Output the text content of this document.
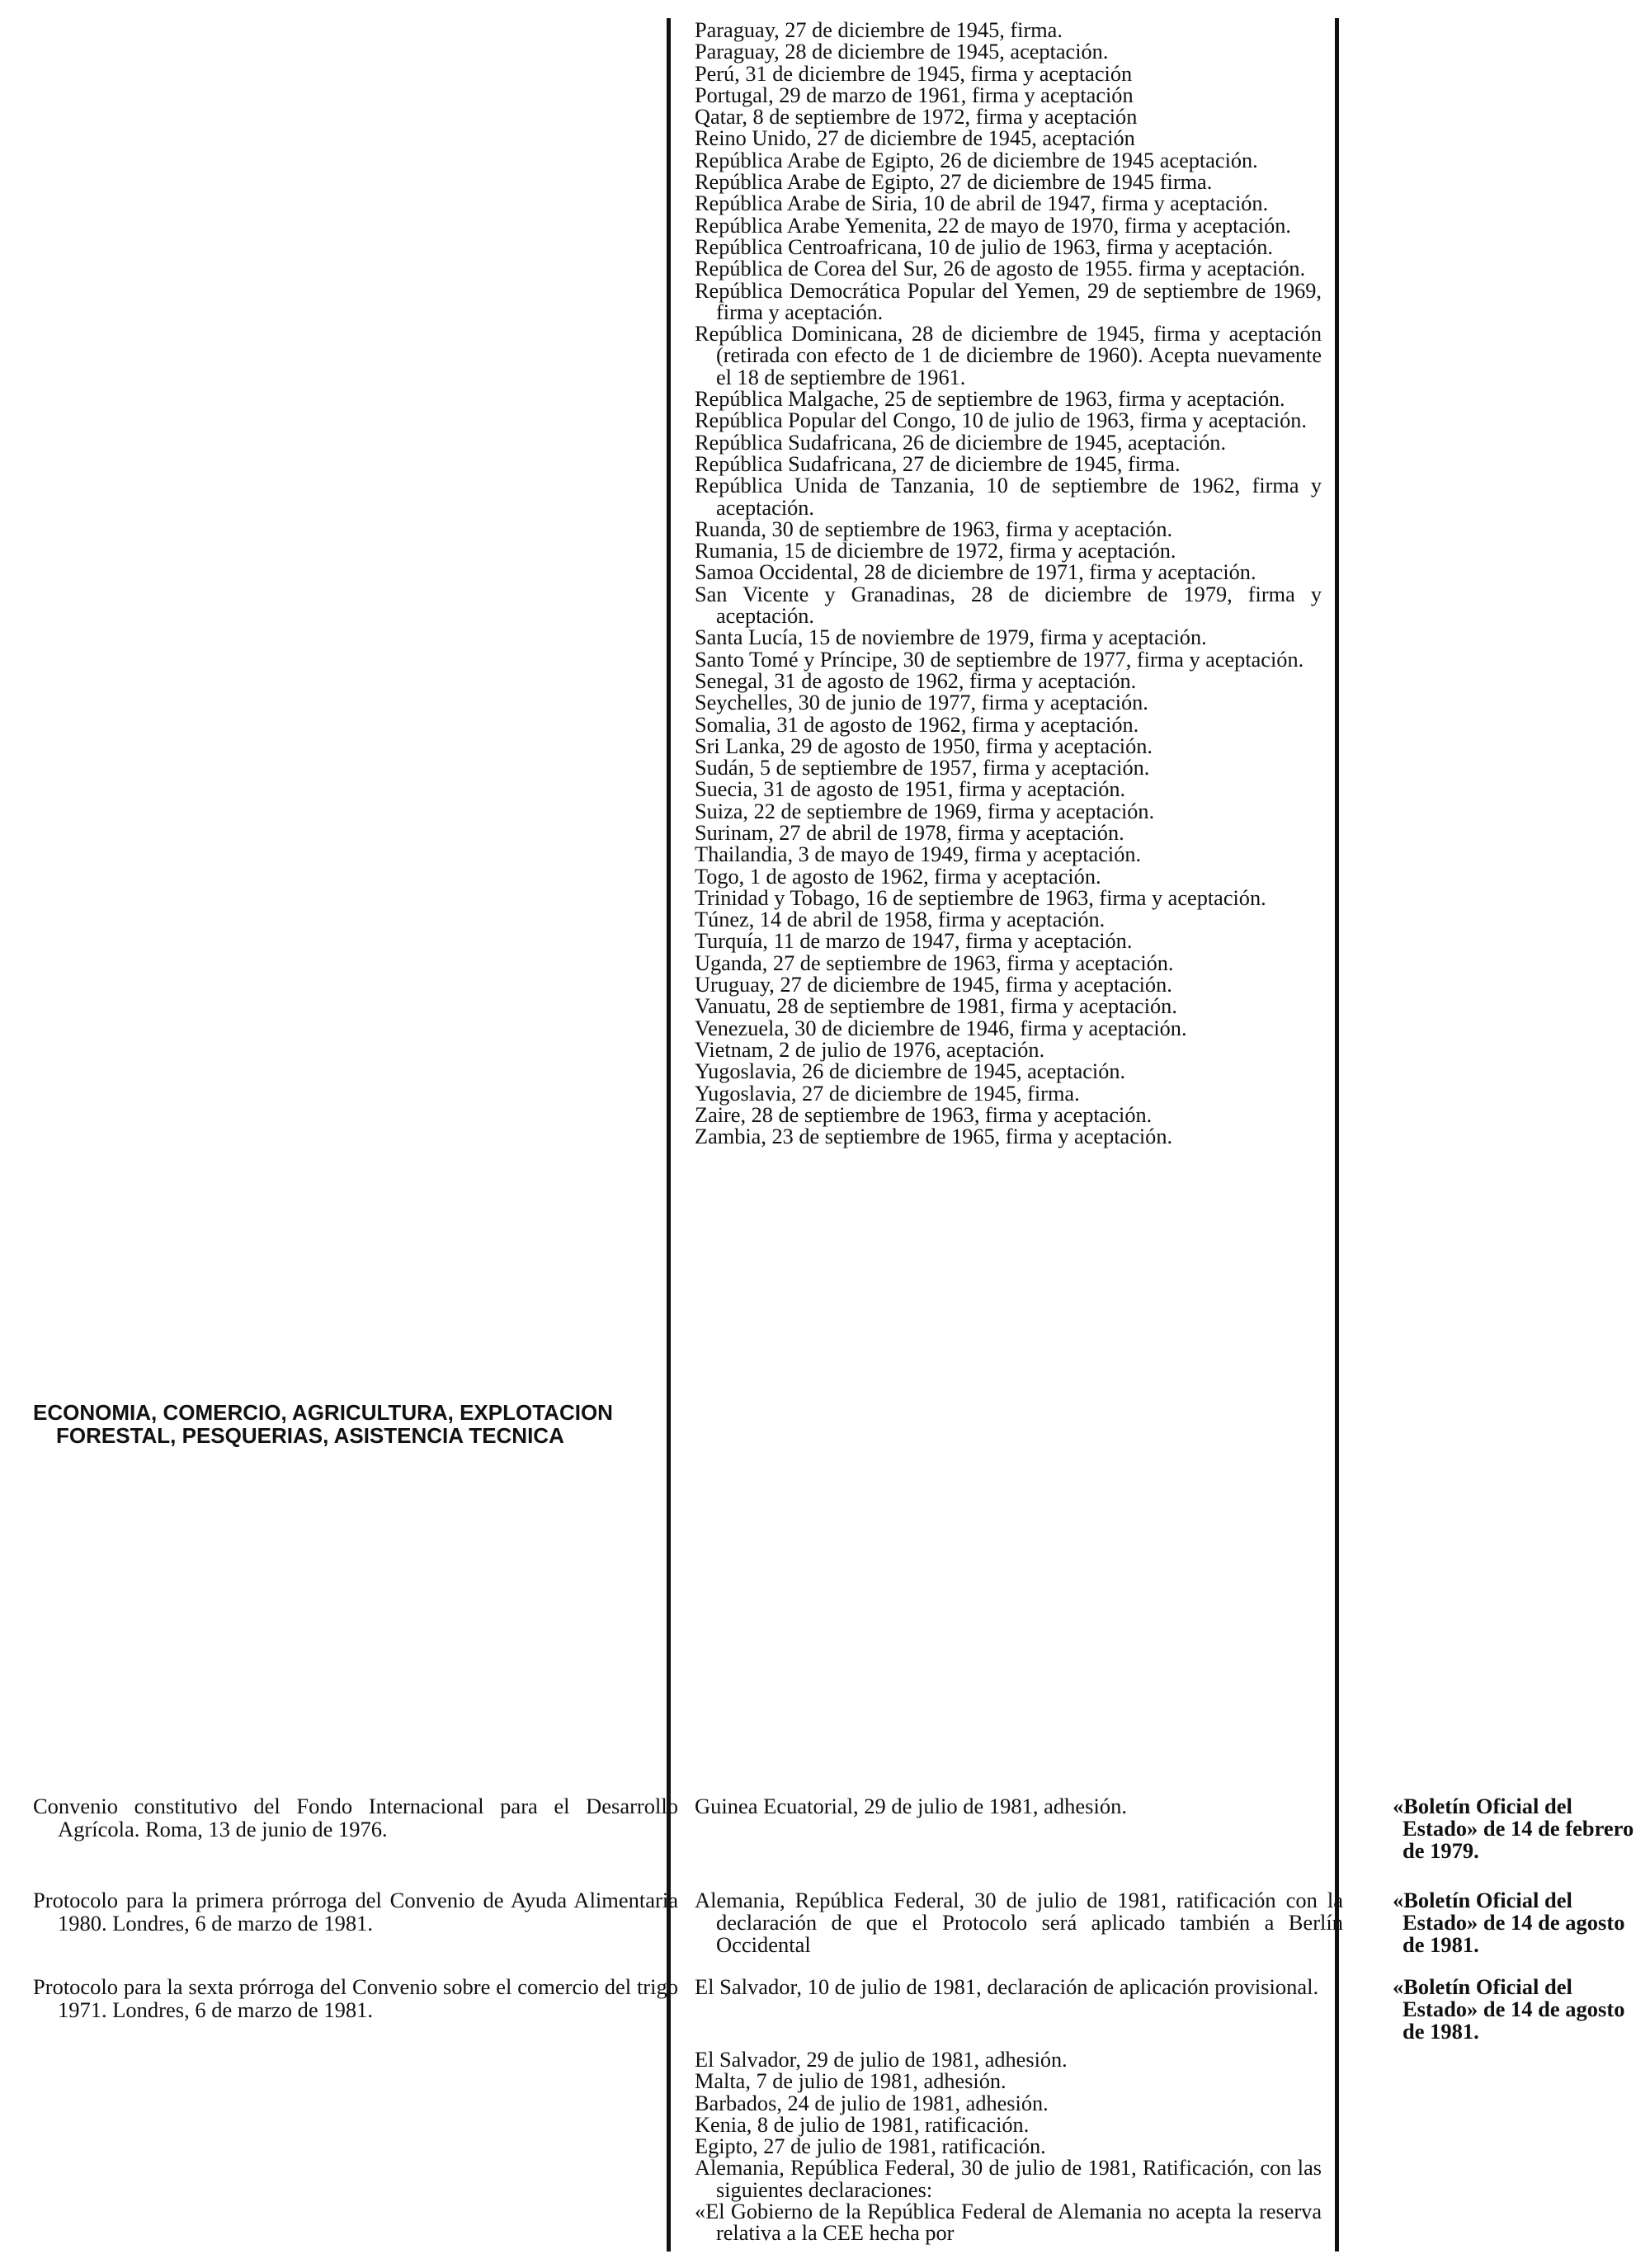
Paraguay, 27 de diciembre de 1945, firma.
Paraguay, 28 de diciembre de 1945, aceptación.
Perú, 31 de diciembre de 1945, firma y aceptación
Portugal, 29 de marzo de 1961, firma y aceptación
Qatar, 8 de septiembre de 1972, firma y aceptación
Reino Unido, 27 de diciembre de 1945, aceptación
República Arabe de Egipto, 26 de diciembre de 1945 aceptación.
República Arabe de Egipto, 27 de diciembre de 1945 firma.
República Arabe de Siria, 10 de abril de 1947, firma y aceptación.
República Arabe Yemenita, 22 de mayo de 1970, firma y aceptación.
República Centroafricana, 10 de julio de 1963, firma y aceptación.
República de Corea del Sur, 26 de agosto de 1955. firma y aceptación.
República Democrática Popular del Yemen, 29 de septiembre de 1969, firma y aceptación.
República Dominicana, 28 de diciembre de 1945, firma y aceptación (retirada con efecto de 1 de diciembre de 1960). Acepta nuevamente el 18 de septiembre de 1961.
República Malgache, 25 de septiembre de 1963, firma y aceptación.
República Popular del Congo, 10 de julio de 1963, firma y aceptación.
República Sudafricana, 26 de diciembre de 1945, aceptación.
República Sudafricana, 27 de diciembre de 1945, firma.
República Unida de Tanzania, 10 de septiembre de 1962, firma y aceptación.
Ruanda, 30 de septiembre de 1963, firma y aceptación.
Rumania, 15 de diciembre de 1972, firma y aceptación.
Samoa Occidental, 28 de diciembre de 1971, firma y aceptación.
San Vicente y Granadinas, 28 de diciembre de 1979, firma y aceptación.
Santa Lucía, 15 de noviembre de 1979, firma y aceptación.
Santo Tomé y Príncipe, 30 de septiembre de 1977, firma y aceptación.
Senegal, 31 de agosto de 1962, firma y aceptación.
Seychelles, 30 de junio de 1977, firma y aceptación.
Somalia, 31 de agosto de 1962, firma y aceptación.
Sri Lanka, 29 de agosto de 1950, firma y aceptación.
Sudán, 5 de septiembre de 1957, firma y aceptación.
Suecia, 31 de agosto de 1951, firma y aceptación.
Suiza, 22 de septiembre de 1969, firma y aceptación.
Surinam, 27 de abril de 1978, firma y aceptación.
Thailandia, 3 de mayo de 1949, firma y aceptación.
Togo, 1 de agosto de 1962, firma y aceptación.
Trinidad y Tobago, 16 de septiembre de 1963, firma y aceptación.
Túnez, 14 de abril de 1958, firma y aceptación.
Turquía, 11 de marzo de 1947, firma y aceptación.
Uganda, 27 de septiembre de 1963, firma y aceptación.
Uruguay, 27 de diciembre de 1945, firma y aceptación.
Vanuatu, 28 de septiembre de 1981, firma y aceptación.
Venezuela, 30 de diciembre de 1946, firma y aceptación.
Vietnam, 2 de julio de 1976, aceptación.
Yugoslavia, 26 de diciembre de 1945, aceptación.
Yugoslavia, 27 de diciembre de 1945, firma.
Zaire, 28 de septiembre de 1963, firma y aceptación.
Zambia, 23 de septiembre de 1965, firma y aceptación.
ECONOMIA, COMERCIO, AGRICULTURA, EXPLOTACION FORESTAL, PESQUERIAS, ASISTENCIA TECNICA
Convenio constitutivo del Fondo Internacional para el Desarrollo Agrícola. Roma, 13 de junio de 1976.
Guinea Ecuatorial, 29 de julio de 1981, adhesión.	«Boletín Oficial del Estado» de 14 de febrero de 1979.
Protocolo para la primera prórroga del Convenio de Ayuda Alimentaria 1980. Londres, 6 de marzo de 1981.
Alemania, República Federal, 30 de julio de 1981, ratificación con la declaración de que el Protocolo será aplicado también a Berlín Occidental
«Boletín Oficial del Estado» de 14 de agosto de 1981.
Protocolo para la sexta prórroga del Convenio sobre el comercio del trigo 1971. Londres, 6 de marzo de 1981.
El Salvador, 10 de julio de 1981, declaración de aplicación provisional.	«Boletín Oficial del Estado» de 14 de agosto de 1981.
El Salvador, 29 de julio de 1981, adhesión.
Malta, 7 de julio de 1981, adhesión.
Barbados, 24 de julio de 1981, adhesión.
Kenia, 8 de julio de 1981, ratificación.
Egipto, 27 de julio de 1981, ratificación.
Alemania, República Federal, 30 de julio de 1981, Ratificación, con las siguientes declaraciones:
«El Gobierno de la República Federal de Alemania no acepta la reserva relativa a la CEE hecha por
